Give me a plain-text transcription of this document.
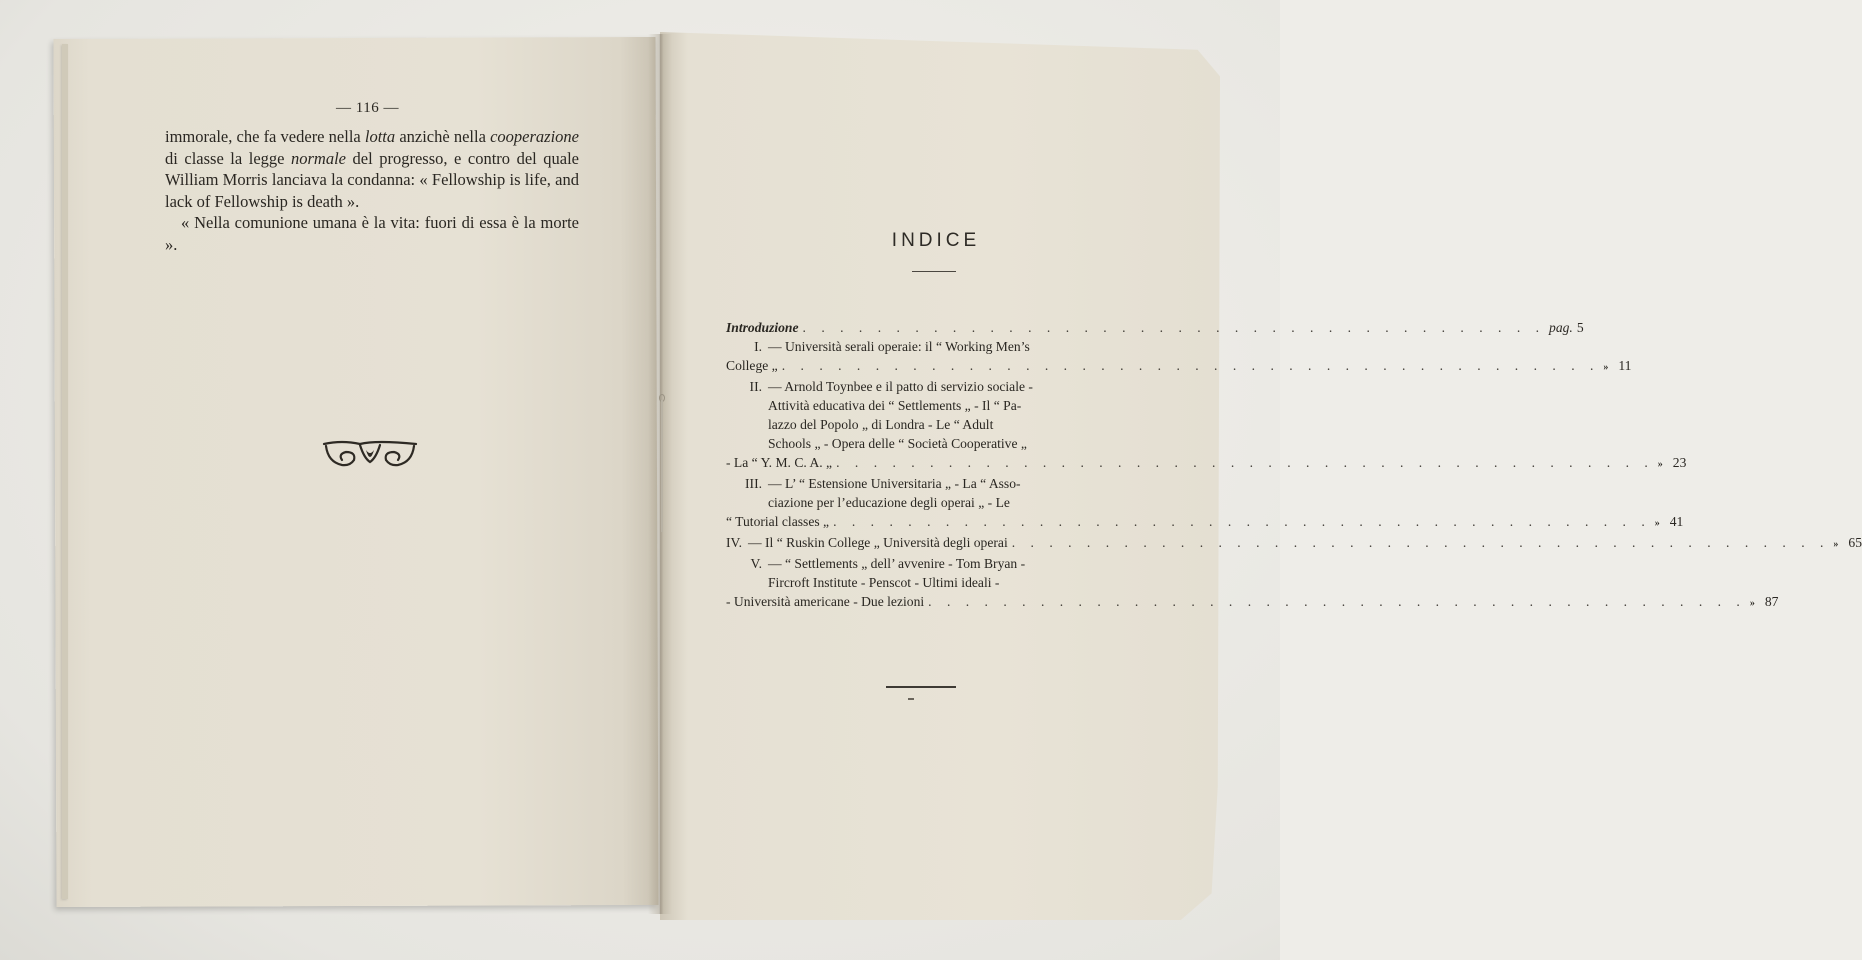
— 116 —

immorale, che fa vedere nella lotta anzichè nella cooperazione di classe la legge normale del progresso, e contro del quale William Morris lanciava la condanna: « Fellowship is life, and lack of Fellowship is death ».

« Nella comunione umana è la vita: fuori di essa è la morte ».	INDICE
Introduzione . . . . . . . . . . . . . . . . . . . . . . . . . . . . . . . . . . . . . . . . pag. 5
I. — Università serali operaie: il “ Working Men’s
College „ . . . . . . . . . . . . . . . . . . . . . . . . . . . . . . . . . . . . . . . . . . . . » 11
II. — Arnold Toynbee e il patto di servizio sociale -
Attività educativa dei “ Settlements „ - Il “ Pa-
lazzo del Popolo „ di Londra - Le “ Adult
Schools „ - Opera delle “ Società Cooperative „
- La “ Y. M. C. A. „ . . . . . . . . . . . . . . . . . . . . . . . . . . . . . . . . . . . . . . . . . . . . » 23
III. — L’ “ Estensione Universitaria „ - La “ Asso-
ciazione per l’educazione degli operai „ - Le
“ Tutorial classes „ . . . . . . . . . . . . . . . . . . . . . . . . . . . . . . . . . . . . . . . . . . . . » 41
IV. — Il “ Ruskin College „ Università degli operai . . . . . . . . . . . . . . . . . . . . . . . . . . . . . . . . . . . . . . . . . . . . » 65
V. — “ Settlements „ dell’ avvenire - Tom Bryan -
Fircroft Institute - Penscot - Ultimi ideali -
- Università americane - Due lezioni . . . . . . . . . . . . . . . . . . . . . . . . . . . . . . . . . . . . . . . . . . . . » 87
